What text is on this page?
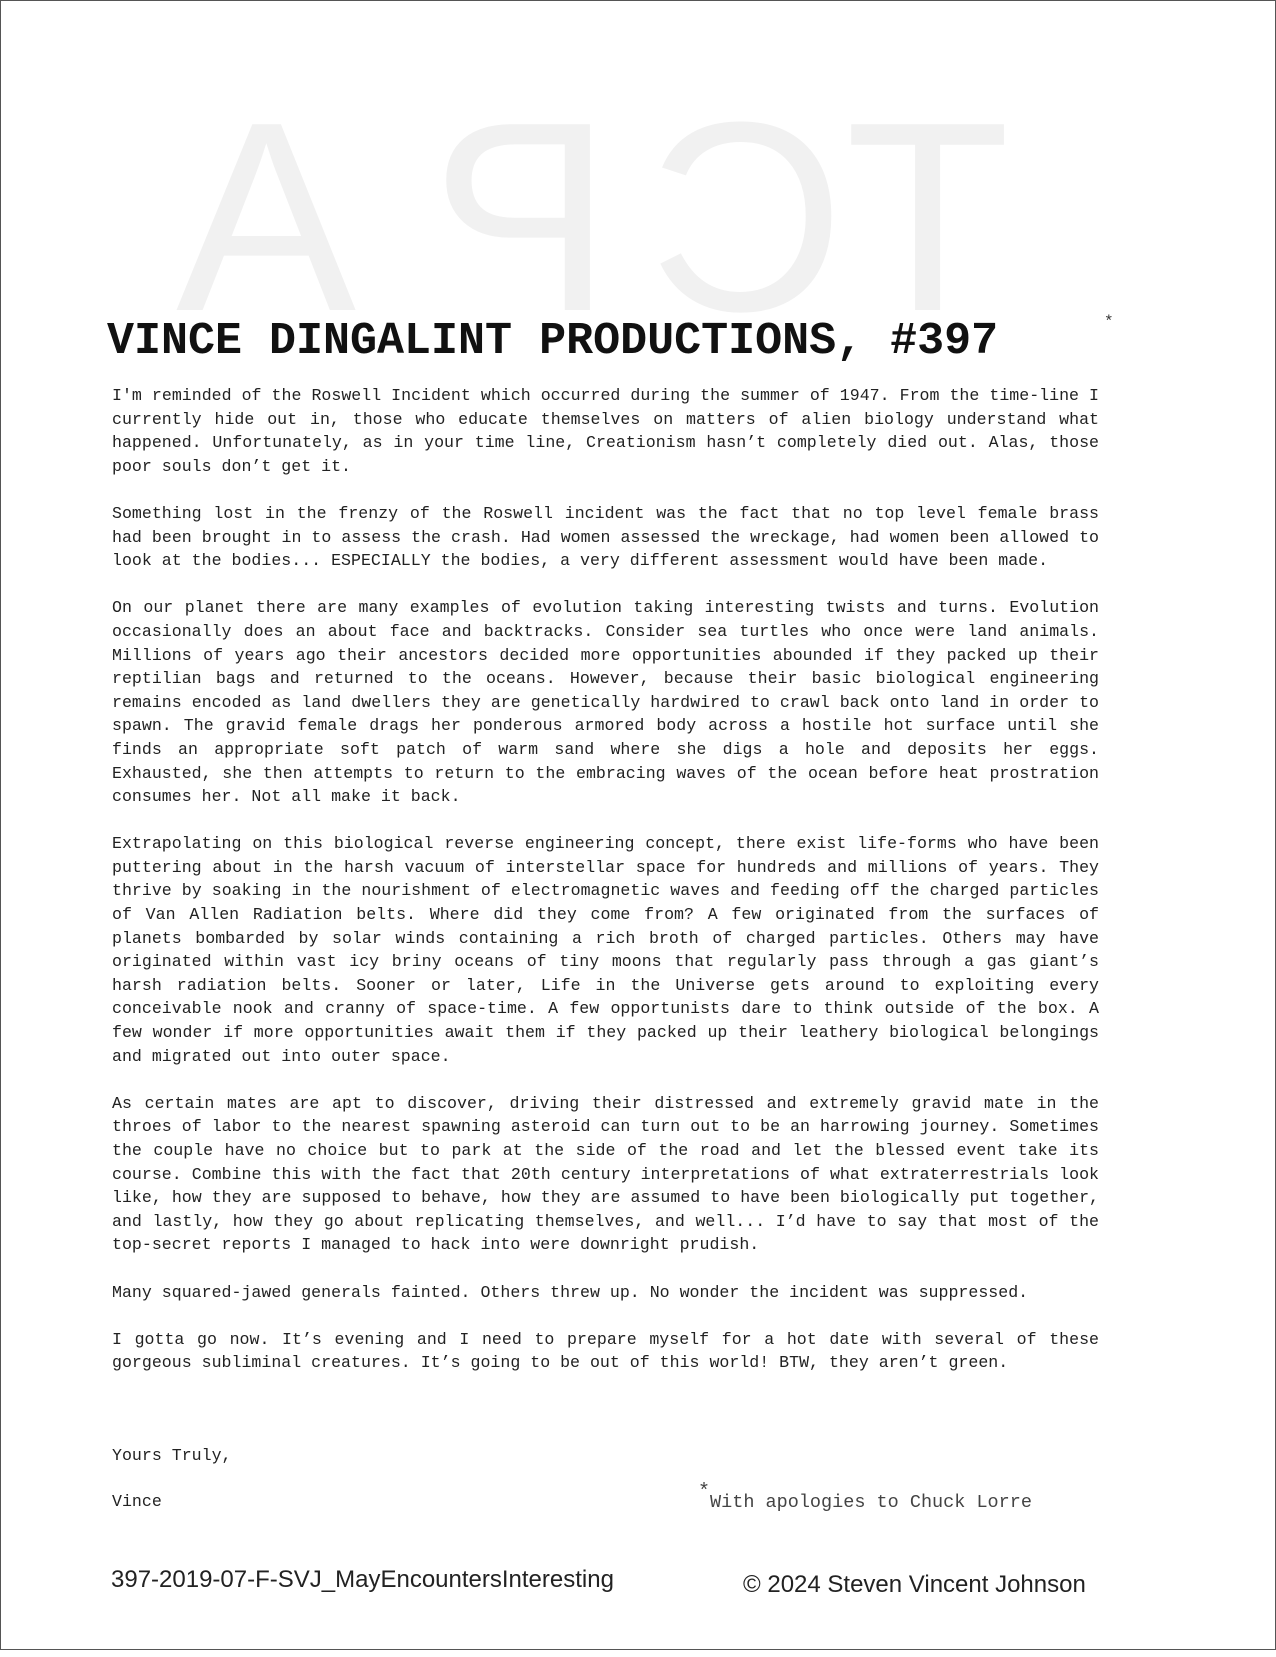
APCT
VINCE DINGALINT PRODUCTIONS, #397	*

I'm reminded of the Roswell Incident which occurred during the summer of 1947. From the time-line I currently hide out in, those who educate themselves on matters of alien biology understand what happened. Unfortunately, as in your time line, Creationism hasn’t completely died out. Alas, those poor souls don’t get it.

Something lost in the frenzy of the Roswell incident was the fact that no top level female brass had been brought in to assess the crash. Had women assessed the wreckage, had women been allowed to look at the bodies... ESPECIALLY the bodies, a very different assessment would have been made.

On our planet there are many examples of evolution taking interesting twists and turns. Evolution occasionally does an about face and backtracks. Consider sea turtles who once were land animals. Millions of years ago their ancestors decided more opportunities abounded if they packed up their reptilian bags and returned to the oceans. However, because their basic biological engineering remains encoded as land dwellers they are genetically hardwired to crawl back onto land in order to spawn. The gravid female drags her ponderous armored body across a hostile hot surface until she finds an appropriate soft patch of warm sand where she digs a hole and deposits her eggs. Exhausted, she then attempts to return to the embracing waves of the ocean before heat prostration consumes her. Not all make it back.

Extrapolating on this biological reverse engineering concept, there exist life-forms who have been puttering about in the harsh vacuum of interstellar space for hundreds and millions of years. They thrive by soaking in the nourishment of electromagnetic waves and feeding off the charged particles of Van Allen Radiation belts. Where did they come from? A few originated from the surfaces of planets bombarded by solar winds containing a rich broth of charged particles. Others may have originated within vast icy briny oceans of tiny moons that regularly pass through a gas giant’s harsh radiation belts. Sooner or later, Life in the Universe gets around to exploiting every conceivable nook and cranny of space-time. A few opportunists dare to think outside of the box. A few wonder if more opportunities await them if they packed up their leathery biological belongings and migrated out into outer space.

As certain mates are apt to discover, driving their distressed and extremely gravid mate in the throes of labor to the nearest spawning asteroid can turn out to be an harrowing journey. Sometimes the couple have no choice but to park at the side of the road and let the blessed event take its course. Combine this with the fact that 20th century interpretations of what extraterrestrials look like, how they are supposed to behave, how they are assumed to have been biologically put together, and lastly, how they go about replicating themselves, and well... I’d have to say that most of the top-secret reports I managed to hack into were downright prudish.

Many squared-jawed generals fainted. Others threw up. No wonder the incident was suppressed.

I gotta go now. It’s evening and I need to prepare myself for a hot date with several of these gorgeous subliminal creatures. It’s going to be out of this world! BTW, they aren’t green.

Yours Truly,
Vince	*With apologies to Chuck Lorre
397-2019-07-F-SVJ_MayEncountersInteresting	© 2024 Steven Vincent Johnson
